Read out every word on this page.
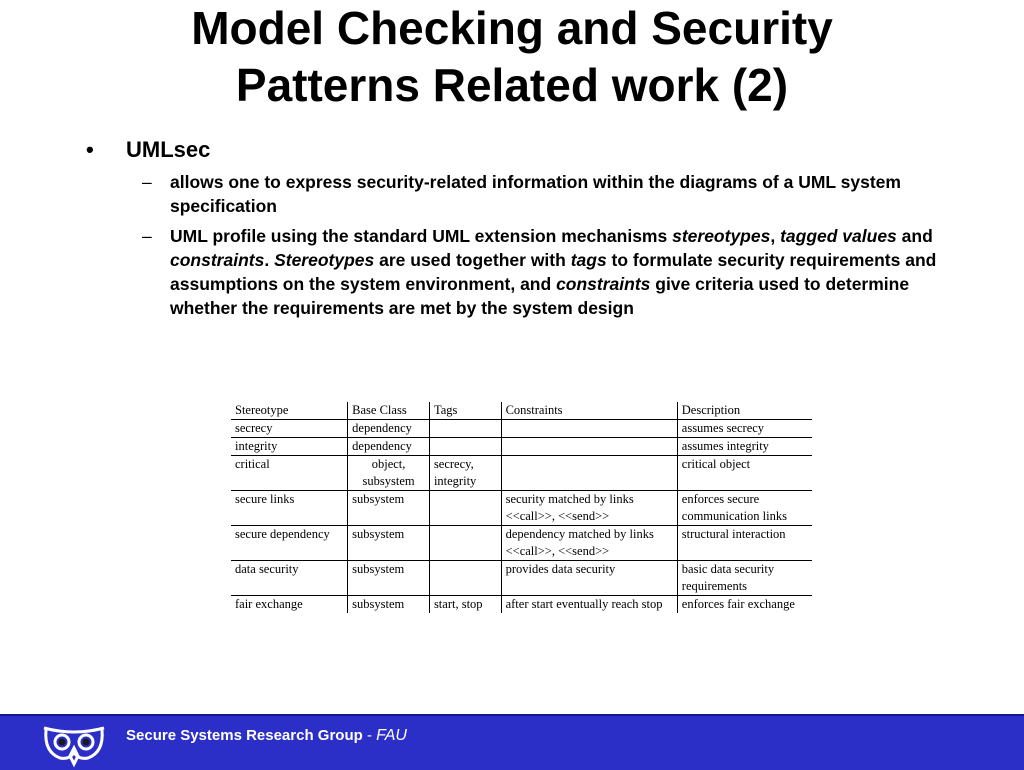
Model Checking and Security
Patterns Related work (2)
• UMLsec
– allows one to express security-related information within the diagrams of a UML system specification
– UML profile using the standard UML extension mechanisms stereotypes, tagged values and constraints. Stereotypes are used together with tags to formulate security requirements and assumptions on the system environment, and constraints give criteria used to determine whether the requirements are met by the system design
Stereotype	Base Class	Tags	Constraints	Description
secrecy	dependency			assumes secrecy
integrity	dependency			assumes integrity
critical	object, subsystem	secrecy, integrity		critical object
secure links	subsystem		security matched by links <<call>>, <<send>>	enforces secure communication links
secure dependency	subsystem		dependency matched by links <<call>>, <<send>>	structural interaction
data security	subsystem		provides data security	basic data security requirements
fair exchange	subsystem	start, stop	after start eventually reach stop	enforces fair exchange
Secure Systems Research Group - FAU
